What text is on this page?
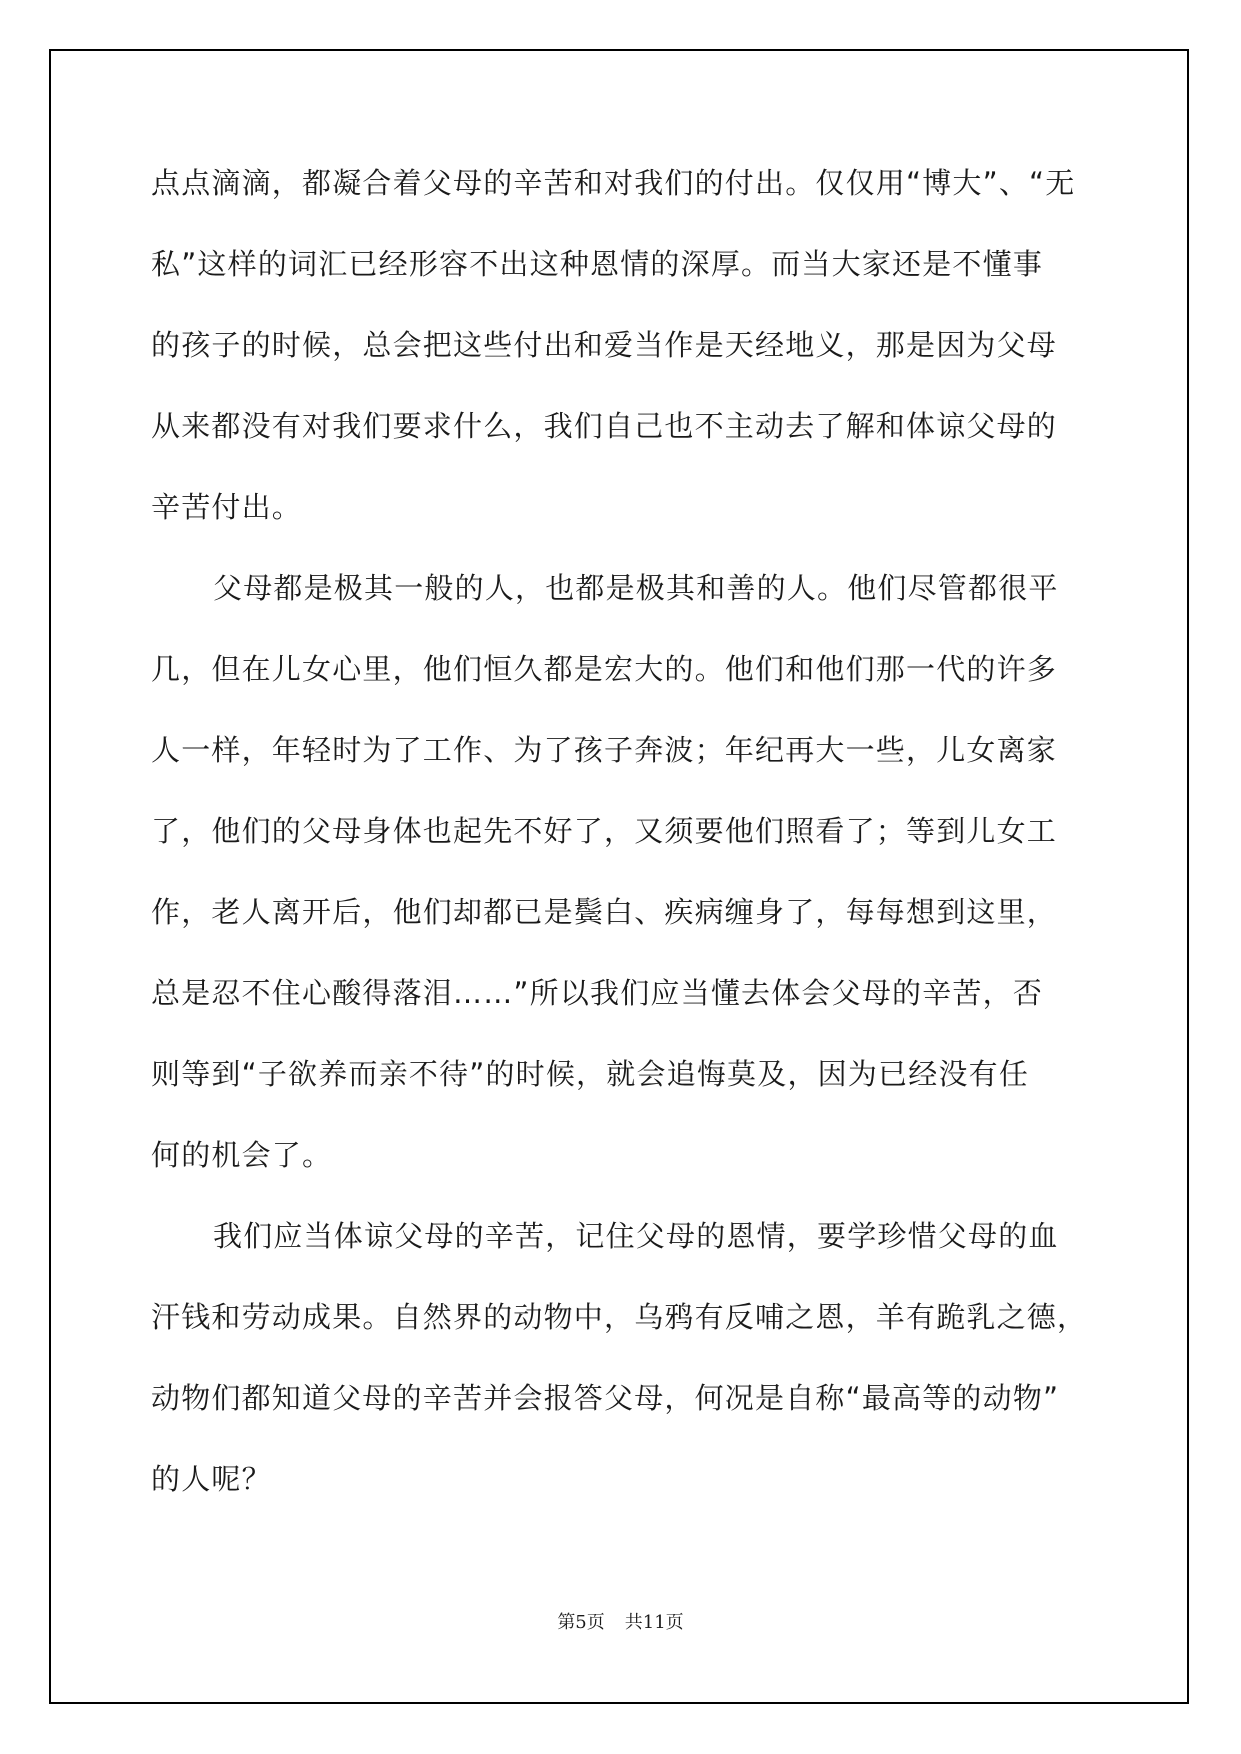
点点滴滴，都凝合着父母的辛苦和对我们的付出。仅仅用“博大”、“无
私”这样的词汇已经形容不出这种恩情的深厚。而当大家还是不懂事
的孩子的时候，总会把这些付出和爱当作是天经地义，那是因为父母
从来都没有对我们要求什么，我们自己也不主动去了解和体谅父母的
辛苦付出。
父母都是极其一般的人，也都是极其和善的人。他们尽管都很平
几，但在儿女心里，他们恒久都是宏大的。他们和他们那一代的许多
人一样，年轻时为了工作、为了孩子奔波；年纪再大一些，儿女离家
了，他们的父母身体也起先不好了，又须要他们照看了；等到儿女工
作，老人离开后，他们却都已是鬓白、疾病缠身了，每每想到这里，
总是忍不住心酸得落泪……”所以我们应当懂去体会父母的辛苦，否
则等到“子欲养而亲不待”的时候，就会追悔莫及，因为已经没有任
何的机会了。
我们应当体谅父母的辛苦，记住父母的恩情，要学珍惜父母的血
汗钱和劳动成果。自然界的动物中，乌鸦有反哺之恩，羊有跪乳之德，
动物们都知道父母的辛苦并会报答父母，何况是自称“最高等的动物”
的人呢？
第5页 共11页
